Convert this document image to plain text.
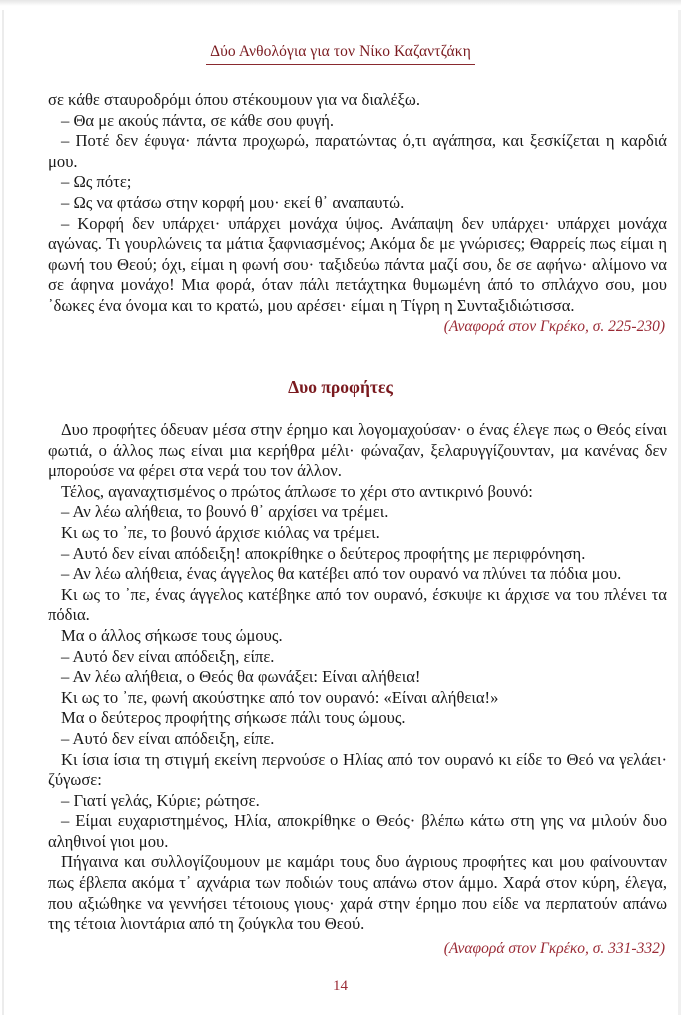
Δύο Ανθολόγια για τον Νίκο Καζαντζάκη

σε κάθε σταυροδρόμι όπου στέκουμουν για να διαλέξω.

– Θα με ακούς πάντα, σε κάθε σου φυγή.

– Ποτέ δεν έφυγα· πάντα προχωρώ, παρατώντας ό,τι αγάπησα, και ξεσκίζεται η καρδιά μου.

– Ως πότε;

– Ως να φτάσω στην κορφή μου· εκεί θ᾽ αναπαυτώ.

– Κορφή δεν υπάρχει· υπάρχει μονάχα ύψος. Ανάπαψη δεν υπάρχει· υπάρχει μονάχα αγώνας. Τι γουρλώνεις τα μάτια ξαφνιασμένος; Ακόμα δε με γνώρισες; Θαρρείς πως είμαι η φωνή του Θεού; όχι, είμαι η φωνή σου· ταξιδεύω πάντα μαζί σου, δε σε αφήνω· αλίμονο να σε άφηνα μονάχο! Μια φορά, όταν πάλι πετάχτηκα θυμωμένη άπό το σπλάχνο σου, μου ᾽δωκες ένα όνομα και το κρατώ, μου αρέσει· είμαι η Τίγρη η Συνταξιδιώτισσα.

(Αναφορά στον Γκρέκο, σ. 225-230)
Δυο προφήτες

Δυο προφήτες όδευαν μέσα στην έρημο και λογομαχούσαν· ο ένας έλεγε πως ο Θεός είναι φωτιά, ο άλλος πως είναι μια κερήθρα μέλι· φώναζαν, ξελαρυγγίζουνταν, μα κανένας δεν μπορούσε να φέρει στα νερά του τον άλλον.

Τέλος, αγαναχτισμένος ο πρώτος άπλωσε το χέρι στο αντικρινό βουνό:

– Αν λέω αλήθεια, το βουνό θ᾽ αρχίσει να τρέμει.

Κι ως το ᾽πε, το βουνό άρχισε κιόλας να τρέμει.

– Αυτό δεν είναι απόδειξη! αποκρίθηκε ο δεύτερος προφήτης με περιφρόνηση.

– Αν λέω αλήθεια, ένας άγγελος θα κατέβει από τον ουρανό να πλύνει τα πόδια μου.

Κι ως το ᾽πε, ένας άγγελος κατέβηκε από τον ουρανό, έσκυψε κι άρχισε να του πλένει τα πόδια.

Μα ο άλλος σήκωσε τους ώμους.

– Αυτό δεν είναι απόδειξη, είπε.

– Αν λέω αλήθεια, ο Θεός θα φωνάξει: Είναι αλήθεια!

Κι ως το ᾽πε, φωνή ακούστηκε από τον ουρανό: «Είναι αλήθεια!»

Μα ο δεύτερος προφήτης σήκωσε πάλι τους ώμους.

– Αυτό δεν είναι απόδειξη, είπε.

Κι ίσια ίσια τη στιγμή εκείνη περνούσε ο Ηλίας από τον ουρανό κι είδε το Θεό να γελάει· ζύγωσε:

– Γιατί γελάς, Κύριε; ρώτησε.

– Είμαι ευχαριστημένος, Ηλία, αποκρίθηκε ο Θεός· βλέπω κάτω στη γης να μιλούν δυο αληθινοί γιοι μου.

Πήγαινα και συλλογίζουμουν με καμάρι τους δυο άγριους προφήτες και μου φαίνουνταν πως έβλεπα ακόμα τ᾽ αχνάρια των ποδιών τους απάνω στον άμμο. Χαρά στον κύρη, έλεγα, που αξιώθηκε να γεννήσει τέτοιους γιους· χαρά στην έρημο που είδε να περπατούν απάνω της τέτοια λιοντάρια από τη ζούγκλα του Θεού.

(Αναφορά στον Γκρέκο, σ. 331-332)
14
